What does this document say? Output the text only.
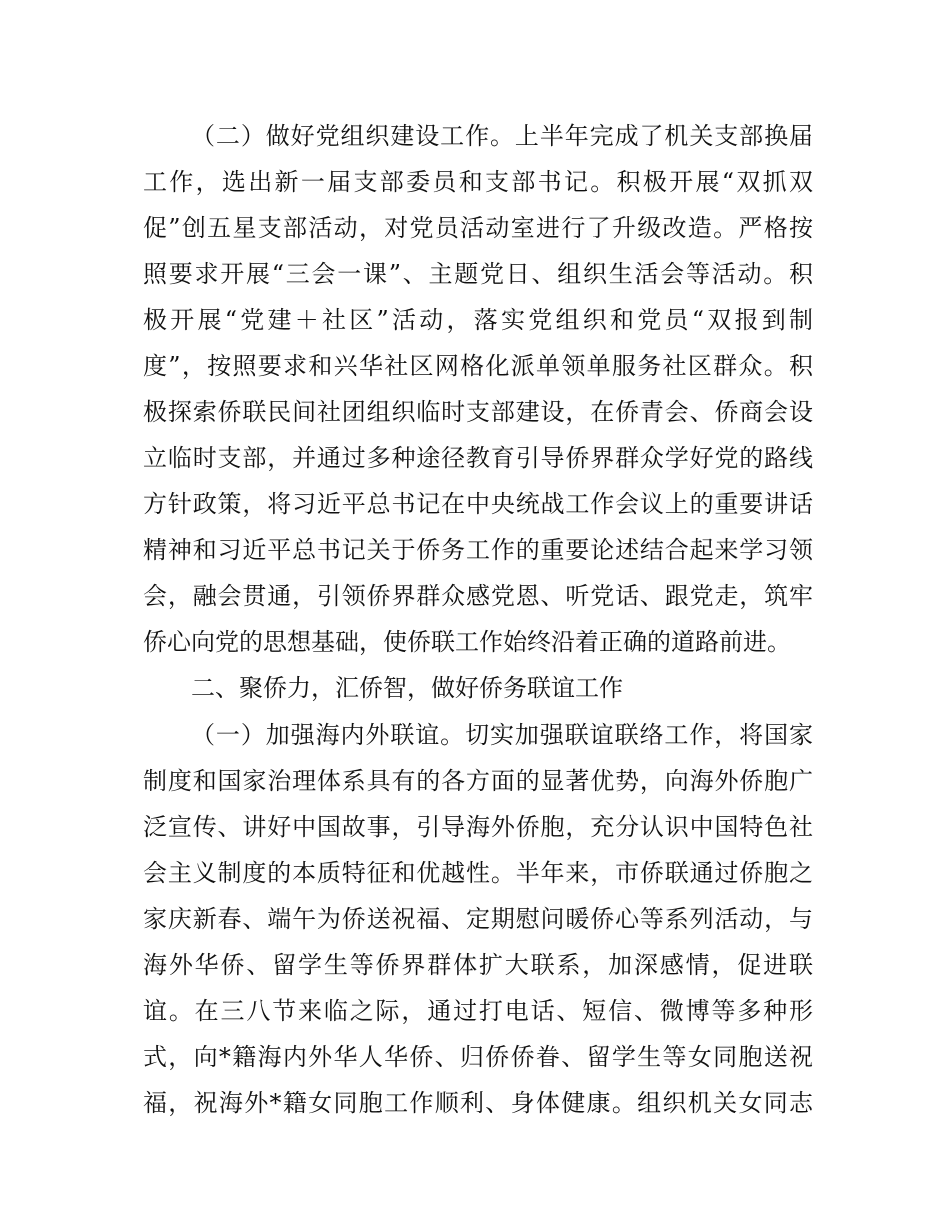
（二）做好党组织建设工作。上半年完成了机关支部换届
工作，选出新一届支部委员和支部书记。积极开展“双抓双
促”创五星支部活动，对党员活动室进行了升级改造。严格按
照要求开展“三会一课”、主题党日、组织生活会等活动。积
极开展“党建＋社区”活动，落实党组织和党员“双报到制
度”，按照要求和兴华社区网格化派单领单服务社区群众。积
极探索侨联民间社团组织临时支部建设，在侨青会、侨商会设
立临时支部，并通过多种途径教育引导侨界群众学好党的路线
方针政策，将习近平总书记在中央统战工作会议上的重要讲话
精神和习近平总书记关于侨务工作的重要论述结合起来学习领
会，融会贯通，引领侨界群众感党恩、听党话、跟党走，筑牢
侨心向党的思想基础，使侨联工作始终沿着正确的道路前进。
二、聚侨力，汇侨智，做好侨务联谊工作
（一）加强海内外联谊。切实加强联谊联络工作，将国家
制度和国家治理体系具有的各方面的显著优势，向海外侨胞广
泛宣传、讲好中国故事，引导海外侨胞，充分认识中国特色社
会主义制度的本质特征和优越性。半年来，市侨联通过侨胞之
家庆新春、端午为侨送祝福、定期慰问暖侨心等系列活动，与
海外华侨、留学生等侨界群体扩大联系，加深感情，促进联
谊。在三八节来临之际，通过打电话、短信、微博等多种形
式，向*籍海内外华人华侨、归侨侨眷、留学生等女同胞送祝
福，祝海外*籍女同胞工作顺利、身体健康。组织机关女同志
